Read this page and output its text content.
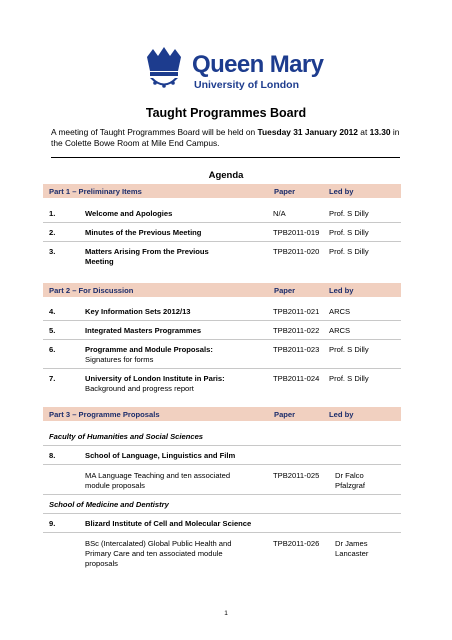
Queen Mary
University of London
Taught Programmes Board
A meeting of Taught Programmes Board will be held on Tuesday 31 January 2012 at 13.30 in the Colette Bowe Room at Mile End Campus.
Agenda
Part 1 – Preliminary Items	Paper	Led by
1.	Welcome and Apologies	N/A	Prof. S Dilly
2.	Minutes of the Previous Meeting	TPB2011-019 Prof. S Dilly
3.	Matters Arising From the Previous
Meeting
TPB2011-020 Prof. S Dilly
Part 2 – For Discussion	Paper	Led by
4.	Key Information Sets 2012/13	TPB2011-021 ARCS
5.	Integrated Masters Programmes	TPB2011-022 ARCS
6.	Programme and Module Proposals:
Signatures for forms
TPB2011-023 Prof. S Dilly
7.	University of London Institute in Paris:
Background and progress report
TPB2011-024 Prof. S Dilly
Part 3 – Programme Proposals	Paper	Led by
Faculty of Humanities and Social Sciences
8.	School of Language, Linguistics and Film
MA Language Teaching and ten associated
module proposals
TPB2011-025 Dr Falco
Pfalzgraf
School of Medicine and Dentistry
9.	Blizard Institute of Cell and Molecular Science
BSc (Intercalated) Global Public Health and
Primary Care and ten associated module
proposals
TPB2011-026 Dr James
Lancaster
1
